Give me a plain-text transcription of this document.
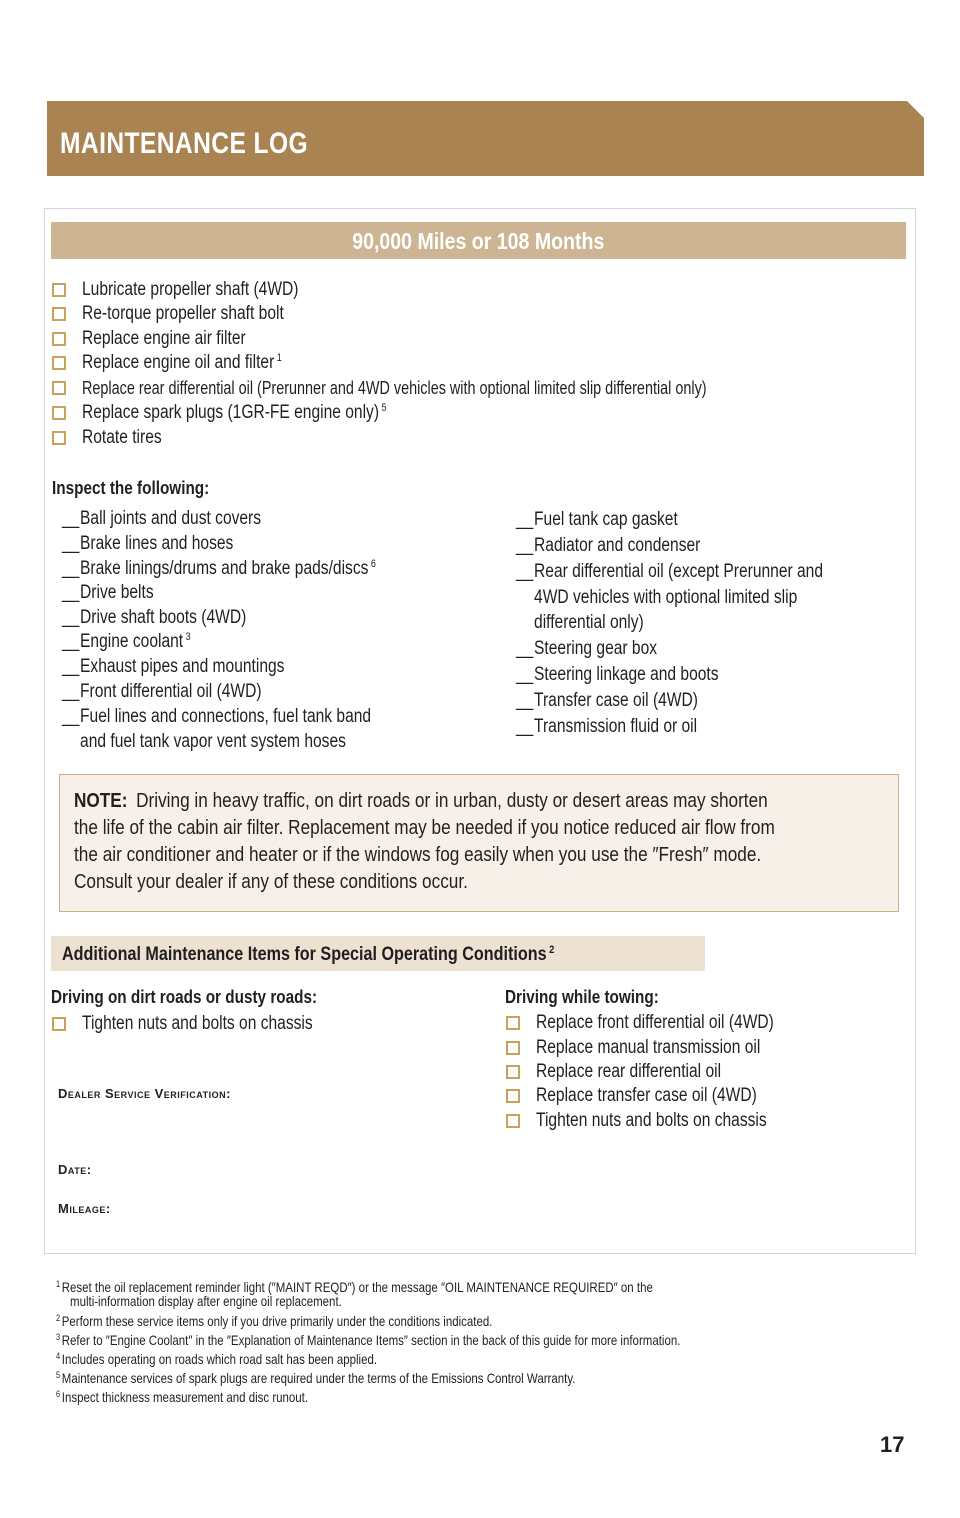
MAINTENANCE LOG
90,000 Miles or 108 Months
Lubricate propeller shaft (4WD)
Re-torque propeller shaft bolt
Replace engine air filter
Replace engine oil and filter $^1$
Replace rear differential oil (Prerunner and 4WD vehicles with optional limited slip differential only)
Replace spark plugs (1GR-FE engine only) $^5$
Rotate tires
Inspect the following:
__Ball joints and dust covers
__Brake lines and hoses
__Brake linings/drums and brake pads/discs $^6$
__Drive belts
__Drive shaft boots (4WD)
__Engine coolant $^3$
__Exhaust pipes and mountings
__Front differential oil (4WD)
__Fuel lines and connections, fuel tank band
and fuel tank vapor vent system hoses
__Fuel tank cap gasket
__Radiator and condenser
__Rear differential oil (except Prerunner and
4WD vehicles with optional limited slip
differential only)
__Steering gear box
__Steering linkage and boots
__Transfer case oil (4WD)
__Transmission fluid or oil
NOTE: Driving in heavy traffic, on dirt roads or in urban, dusty or desert areas may shorten
the life of the cabin air filter. Replacement may be needed if you notice reduced air flow from
the air conditioner and heater or if the windows fog easily when you use the ″Fresh″ mode.
Consult your dealer if any of these conditions occur.
Additional Maintenance Items for Special Operating Conditions $^2$
Driving on dirt roads or dusty roads:
Tighten nuts and bolts on chassis
Driving while towing:
Replace front differential oil (4WD)
Replace manual transmission oil
Replace rear differential oil
Replace transfer case oil (4WD)
Tighten nuts and bolts on chassis
Dealer Service Verification:
Date:
Mileage:
$^1$ Reset the oil replacement reminder light (″MAINT REQD″) or the message ″OIL MAINTENANCE REQUIRED″ on the
multi-information display after engine oil replacement.
$^2$ Perform these service items only if you drive primarily under the conditions indicated.
$^3$ Refer to ″Engine Coolant″ in the ″Explanation of Maintenance Items″ section in the back of this guide for more information.
$^4$ Includes operating on roads which road salt has been applied.
$^5$ Maintenance services of spark plugs are required under the terms of the Emissions Control Warranty.
$^6$ Inspect thickness measurement and disc runout.
17
